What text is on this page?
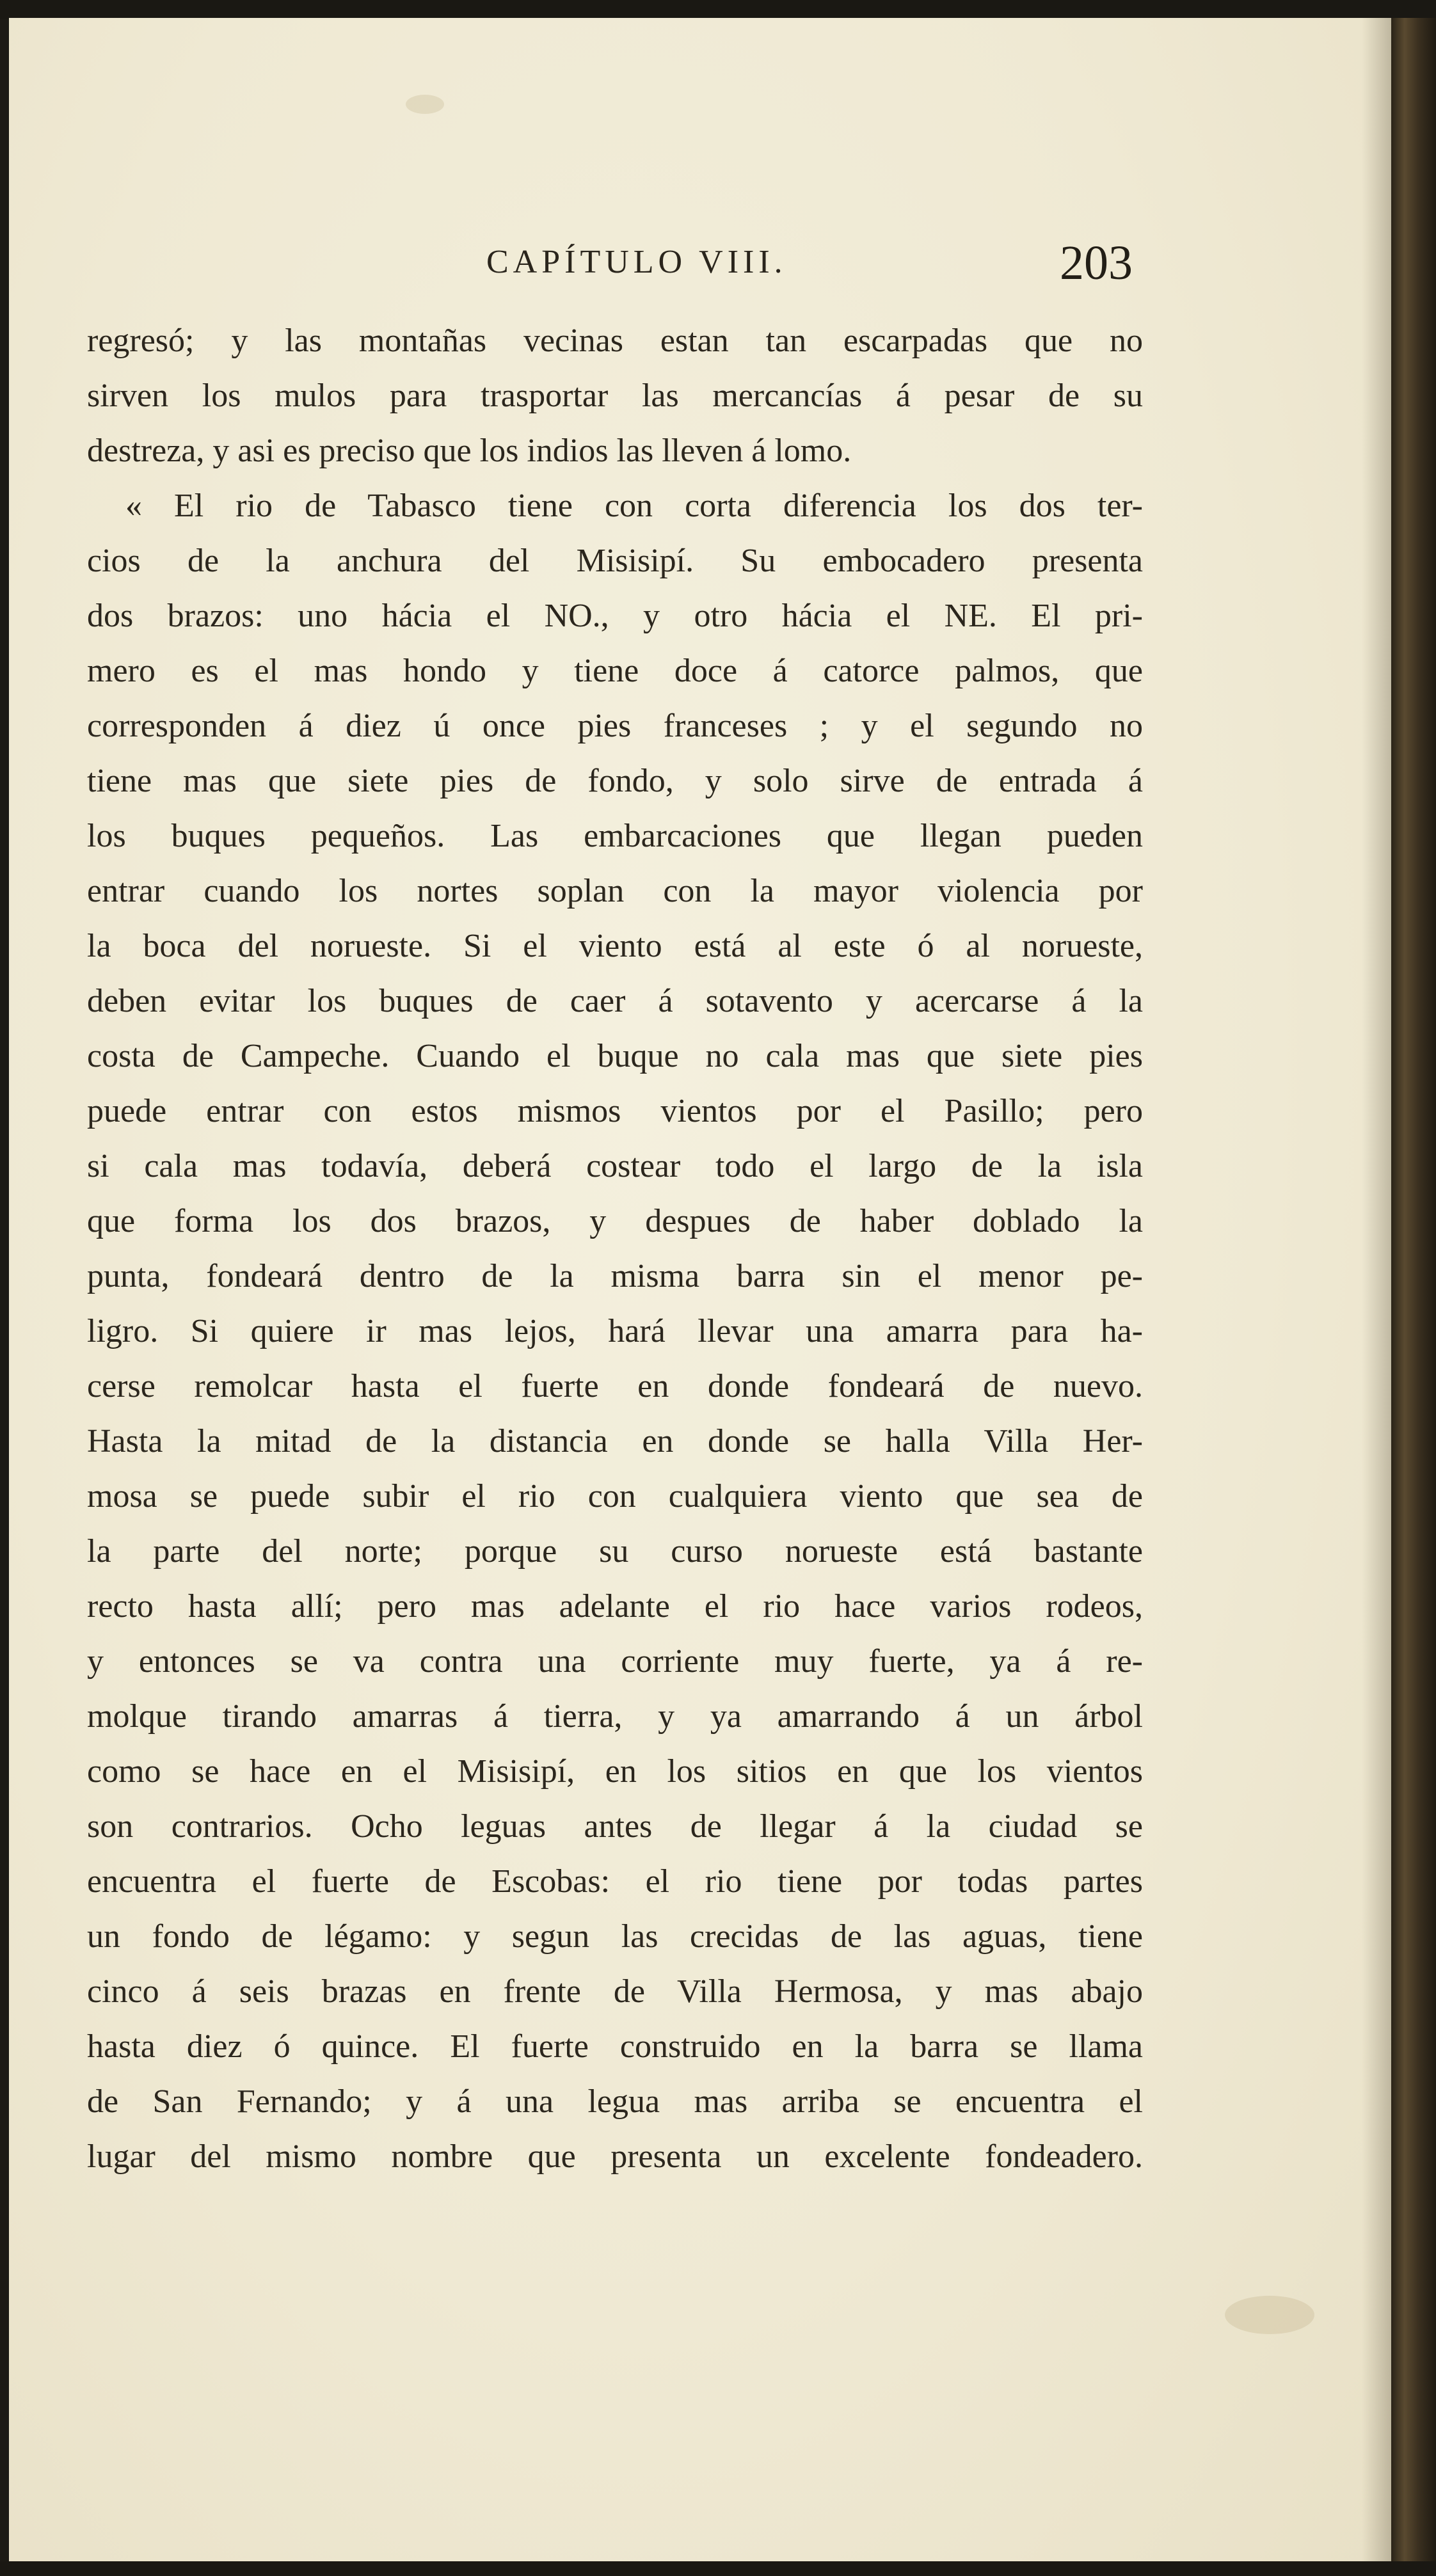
CAPÍTULO VIII.	203
regresó; y las montañas vecinas estan tan escarpadas que no
sirven los mulos para trasportar las mercancías á pesar de su
destreza, y asi es preciso que los indios las lleven á lomo.
« El rio de Tabasco tiene con corta diferencia los dos ter-
cios de la anchura del Misisipí. Su embocadero presenta
dos brazos: uno hácia el NO., y otro hácia el NE. El pri-
mero es el mas hondo y tiene doce á catorce palmos, que
corresponden á diez ú once pies franceses ; y el segundo no
tiene mas que siete pies de fondo, y solo sirve de entrada á
los buques pequeños. Las embarcaciones que llegan pueden
entrar cuando los nortes soplan con la mayor violencia por
la boca del norueste. Si el viento está al este ó al norueste,
deben evitar los buques de caer á sotavento y acercarse á la
costa de Campeche. Cuando el buque no cala mas que siete pies
puede entrar con estos mismos vientos por el Pasillo; pero
si cala mas todavía, deberá costear todo el largo de la isla
que forma los dos brazos, y despues de haber doblado la
punta, fondeará dentro de la misma barra sin el menor pe-
ligro. Si quiere ir mas lejos, hará llevar una amarra para ha-
cerse remolcar hasta el fuerte en donde fondeará de nuevo.
Hasta la mitad de la distancia en donde se halla Villa Her-
mosa se puede subir el rio con cualquiera viento que sea de
la parte del norte; porque su curso norueste está bastante
recto hasta allí; pero mas adelante el rio hace varios rodeos,
y entonces se va contra una corriente muy fuerte, ya á re-
molque tirando amarras á tierra, y ya amarrando á un árbol
como se hace en el Misisipí, en los sitios en que los vientos
son contrarios. Ocho leguas antes de llegar á la ciudad se
encuentra el fuerte de Escobas: el rio tiene por todas partes
un fondo de légamo: y segun las crecidas de las aguas, tiene
cinco á seis brazas en frente de Villa Hermosa, y mas abajo
hasta diez ó quince. El fuerte construido en la barra se llama
de San Fernando; y á una legua mas arriba se encuentra el
lugar del mismo nombre que presenta un excelente fondeadero.
